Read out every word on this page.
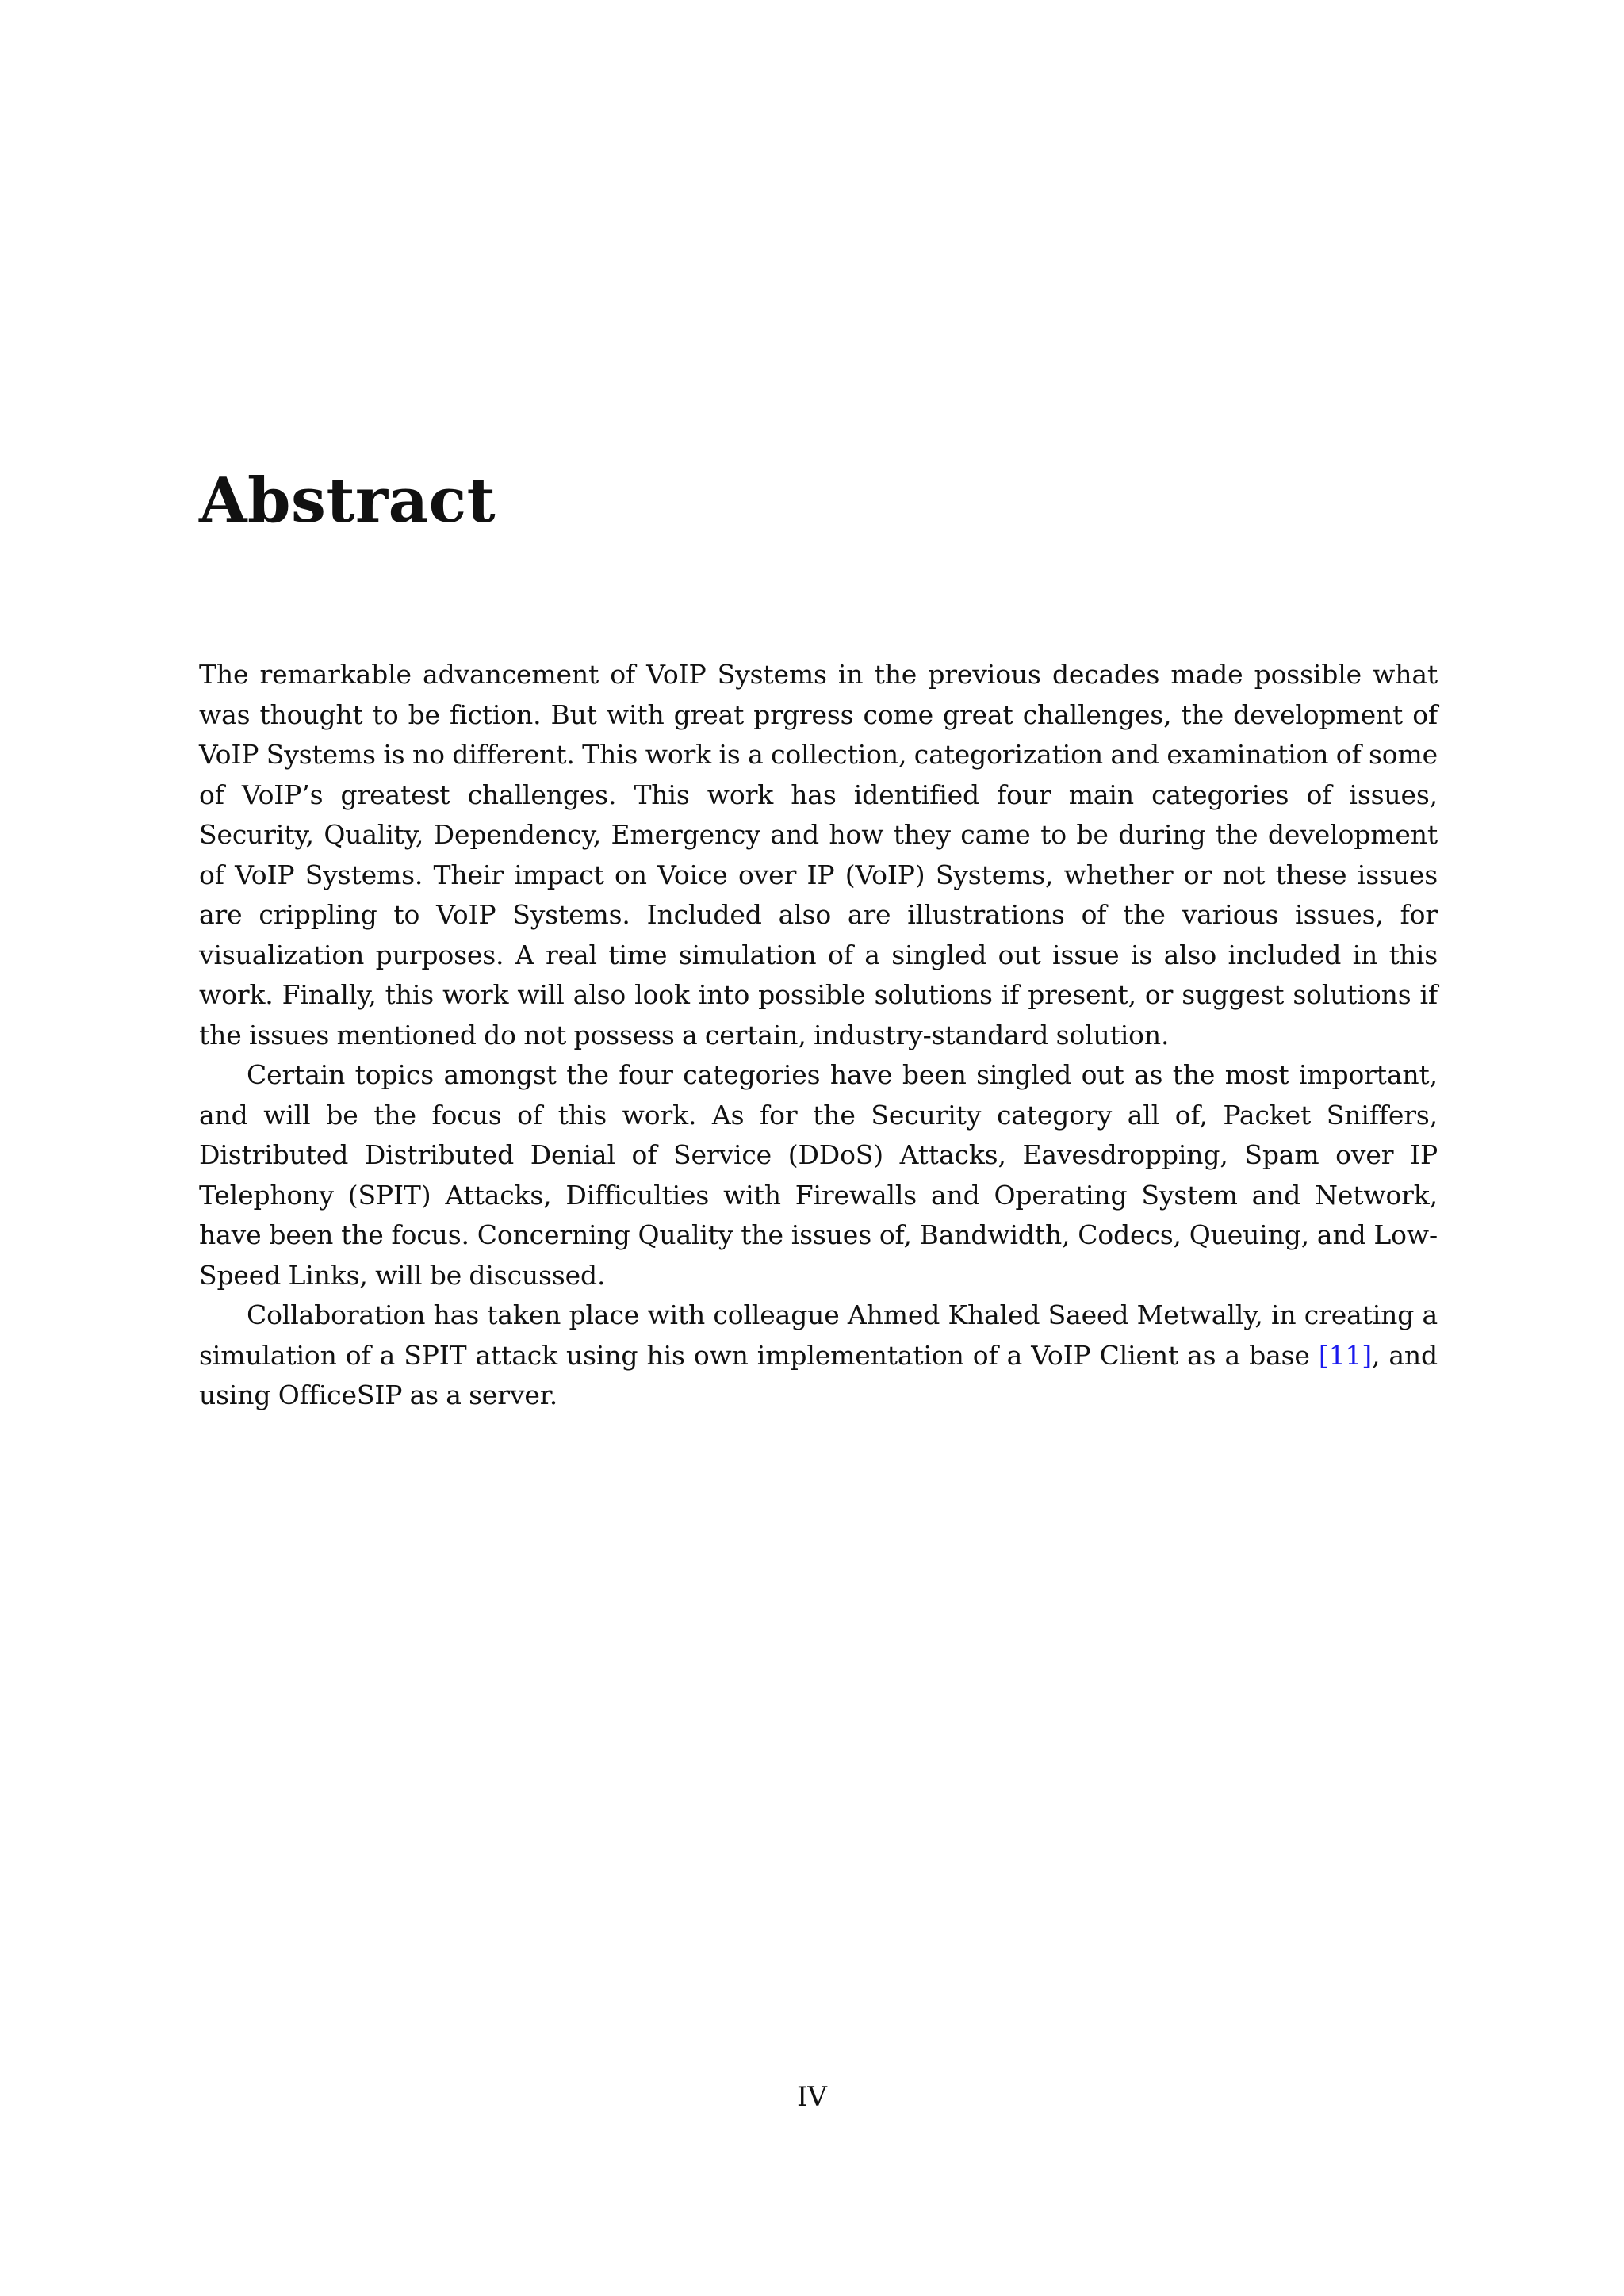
Abstract

The remarkable advancement of VoIP Systems in the previous decades made possible what was thought to be fiction. But with great prgress come great challenges, the development of VoIP Systems is no different. This work is a collection, categorization and examination of some of VoIP’s greatest challenges. This work has identified four main categories of issues, Security, Quality, Dependency, Emergency and how they came to be during the development of VoIP Systems. Their impact on Voice over IP (VoIP) Systems, whether or not these issues are crippling to VoIP Systems. Included also are illustrations of the various issues, for visualization purposes. A real time simulation of a singled out issue is also included in this work. Finally, this work will also look into possible solutions if present, or suggest solutions if the issues mentioned do not possess a certain, industry-standard solution.

Certain topics amongst the four categories have been singled out as the most important, and will be the focus of this work. As for the Security category all of, Packet Sniffers, Distributed Distributed Denial of Service (DDoS) Attacks, Eavesdropping, Spam over IP Telephony (SPIT) Attacks, Difficulties with Firewalls and Operating System and Network, have been the focus. Concerning Quality the issues of, Bandwidth, Codecs, Queuing, and Low-Speed Links, will be discussed.

Collaboration has taken place with colleague Ahmed Khaled Saeed Metwally, in creating a simulation of a SPIT attack using his own implementation of a VoIP Client as a base [11], and using OfficeSIP as a server.

IV
